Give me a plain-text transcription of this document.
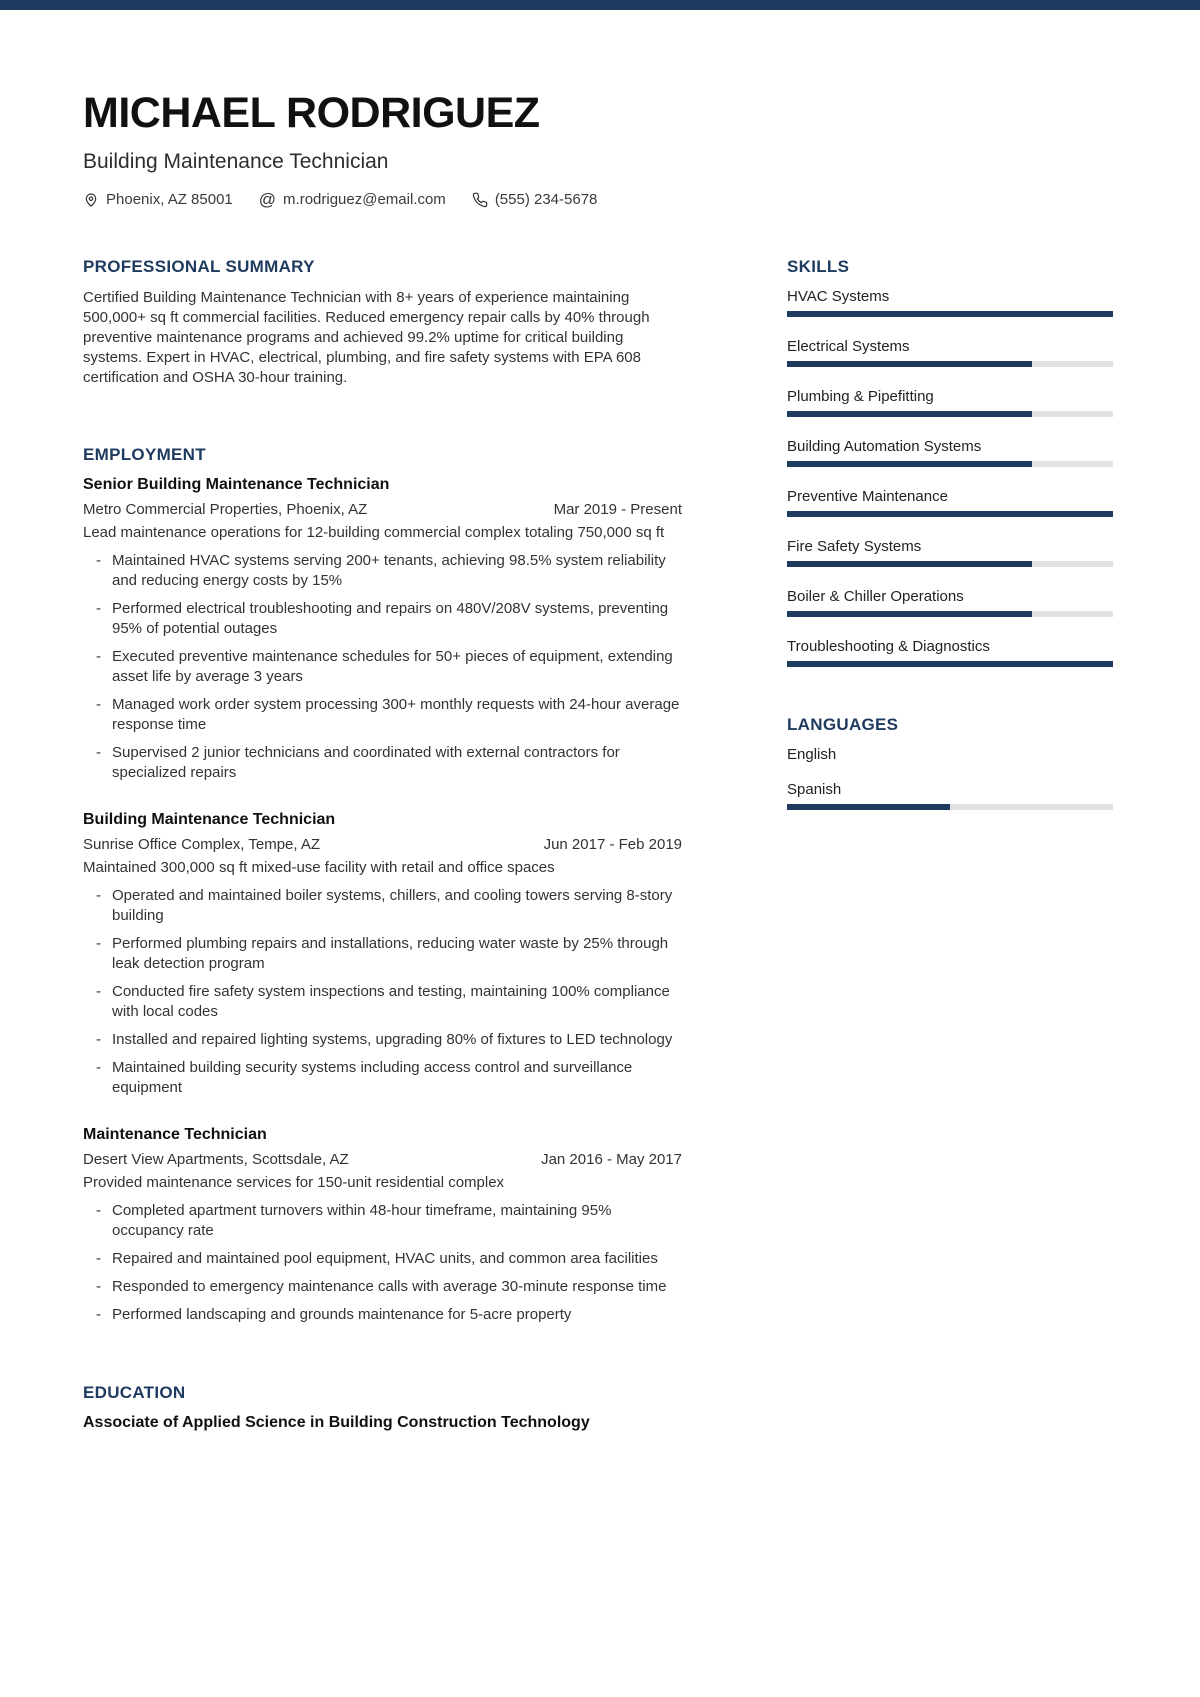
MICHAEL RODRIGUEZ
Building Maintenance Technician
Phoenix, AZ 85001 @ m.rodriguez@email.com	(555) 234-5678
PROFESSIONAL SUMMARY
Certified Building Maintenance Technician with 8+ years of experience maintaining 500,000+ sq ft commercial facilities. Reduced emergency repair calls by 40% through preventive maintenance programs and achieved 99.2% uptime for critical building systems. Expert in HVAC, electrical, plumbing, and fire safety systems with EPA 608 certification and OSHA 30-hour training.
EMPLOYMENT
Senior Building Maintenance Technician
Metro Commercial Properties, Phoenix, AZ	Mar 2019 - Present
Lead maintenance operations for 12-building commercial complex totaling 750,000 sq ft
- Maintained HVAC systems serving 200+ tenants, achieving 98.5% system reliability and reducing energy costs by 15%
- Performed electrical troubleshooting and repairs on 480V/208V systems, preventing 95% of potential outages
- Executed preventive maintenance schedules for 50+ pieces of equipment, extending asset life by average 3 years
- Managed work order system processing 300+ monthly requests with 24-hour average response time
- Supervised 2 junior technicians and coordinated with external contractors for specialized repairs
Building Maintenance Technician
Sunrise Office Complex, Tempe, AZ	Jun 2017 - Feb 2019
Maintained 300,000 sq ft mixed-use facility with retail and office spaces
- Operated and maintained boiler systems, chillers, and cooling towers serving 8-story building
- Performed plumbing repairs and installations, reducing water waste by 25% through leak detection program
- Conducted fire safety system inspections and testing, maintaining 100% compliance with local codes
- Installed and repaired lighting systems, upgrading 80% of fixtures to LED technology
- Maintained building security systems including access control and surveillance equipment
Maintenance Technician
Desert View Apartments, Scottsdale, AZ	Jan 2016 - May 2017
Provided maintenance services for 150-unit residential complex
- Completed apartment turnovers within 48-hour timeframe, maintaining 95% occupancy rate
- Repaired and maintained pool equipment, HVAC units, and common area facilities
- Responded to emergency maintenance calls with average 30-minute response time
- Performed landscaping and grounds maintenance for 5-acre property
EDUCATION
Associate of Applied Science in Building Construction Technology
SKILLS
HVAC Systems
Electrical Systems
Plumbing & Pipefitting
Building Automation Systems
Preventive Maintenance
Fire Safety Systems
Boiler & Chiller Operations
Troubleshooting & Diagnostics
LANGUAGES
English
Spanish
